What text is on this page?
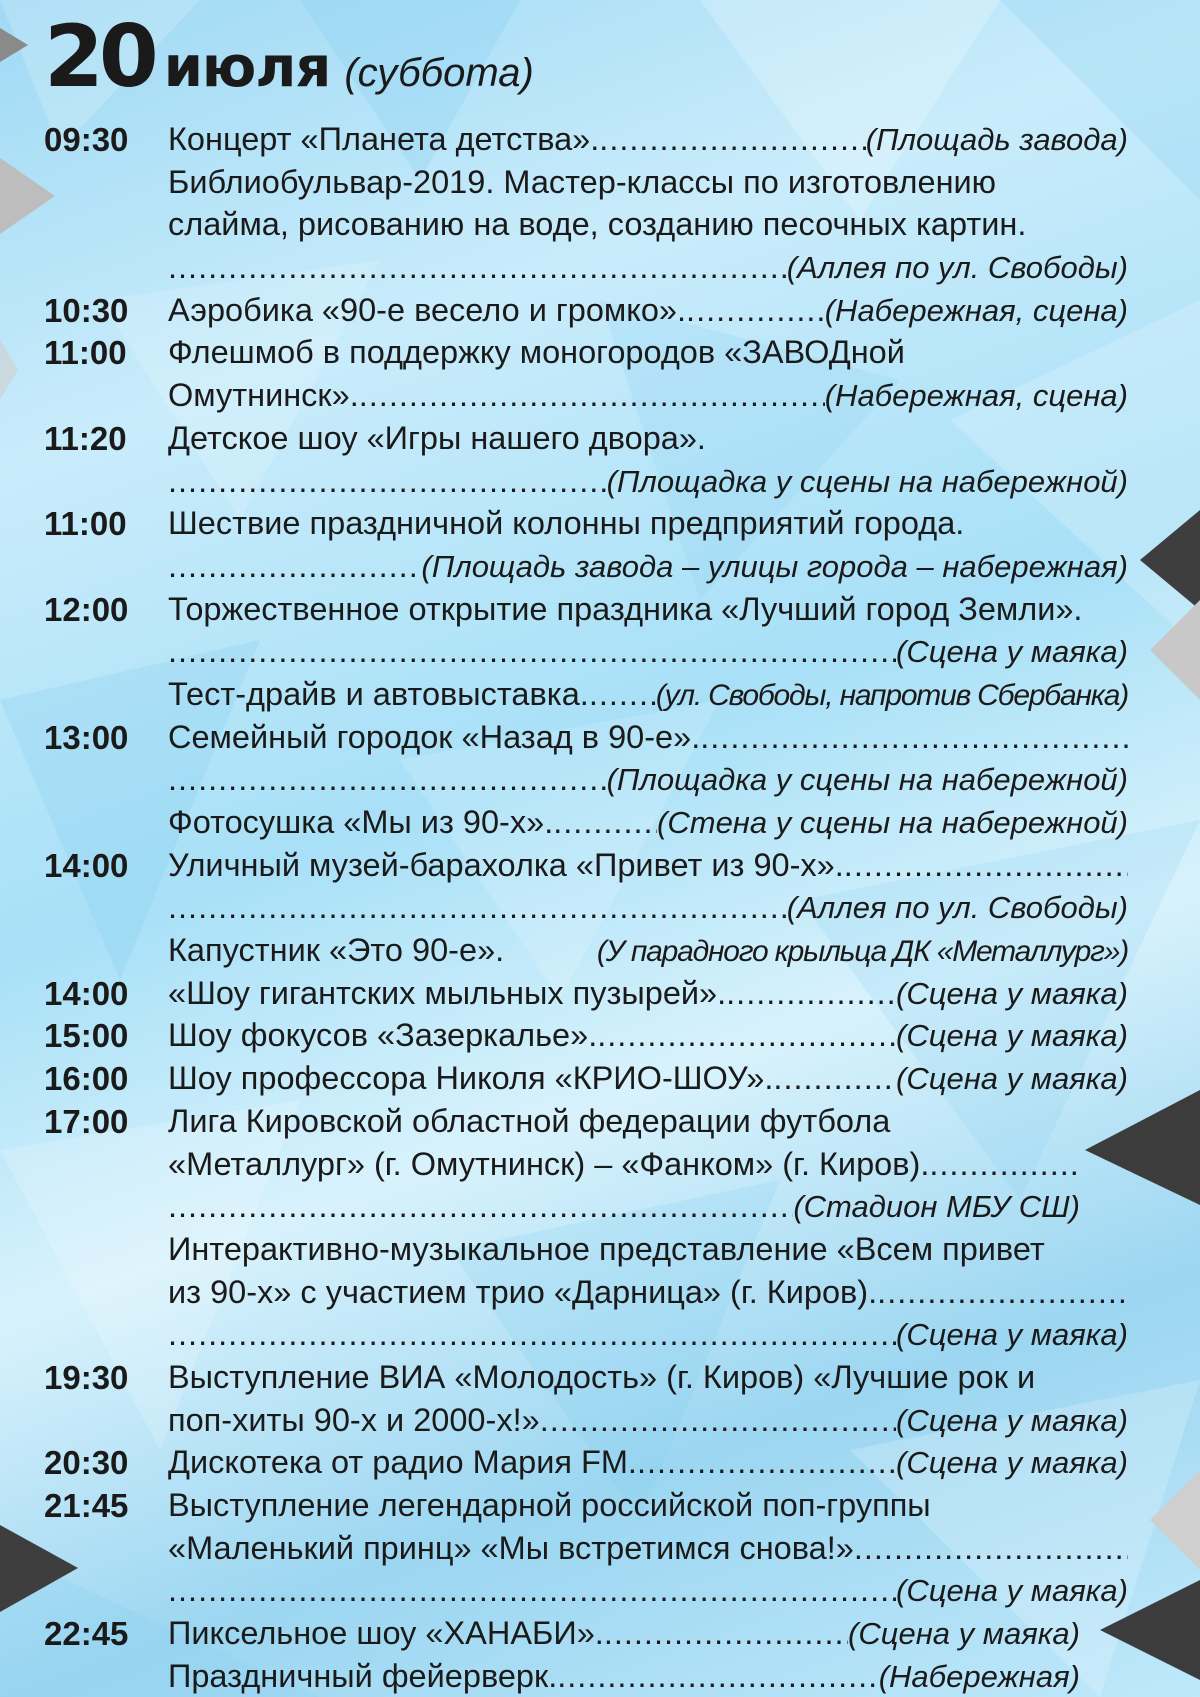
20 июля (суббота)
09:30 Концерт «Планета детства». .....	(Площадь завода)
Библиобульвар-2019. Мастер-классы по изготовлению
слайма, рисованию на воде, созданию песочных картин.
.....
(Аллея по ул. Свободы)
10:30 Аэробика «90-е весело и громко». .....	(Набережная, сцена)
11:00 Флешмоб в поддержку моногородов «ЗАВОДной
Омутнинск». .....	(Набережная, сцена)
11:20 Детское шоу «Игры нашего двора».
.....
(Площадка у сцены на набережной)
11:00 Шествие праздничной колонны предприятий города.
.....
(Площадь завода – улицы города – набережная)
12:00 Торжественное открытие праздника «Лучший город Земли».
.....
(Сцена у маяка)
Тест-драйв и автовыставка. ..... (ул. Свободы, напротив Сбербанка)
13:00 Семейный городок «Назад в 90-е».
.....
.....
(Площадка у сцены на набережной)
Фотосушка «Мы из 90-х». .....	(Стена у сцены на набережной)
14:00 Уличный музей-барахолка «Привет из 90-х».
.....
.....
(Аллея по ул. Свободы)
Капустник «Это 90-е».	(У парадного крыльца ДК «Металлург»)
14:00 «Шоу гигантских мыльных пузырей». .....	(Сцена у маяка)
15:00 Шоу фокусов «Зазеркалье». .....	(Сцена у маяка)
16:00 Шоу профессора Николя «КРИО-ШОУ». .....	(Сцена у маяка)
17:00 Лига Кировской областной федерации футбола
«Металлург» (г. Омутнинск) – «Фанком» (г. Киров).
.....
.....
(Стадион МБУ СШ)
Интерактивно-музыкальное представление «Всем привет
из 90-х» с участием трио «Дарница» (г. Киров).
.....
.....
(Сцена у маяка)
19:30 Выступление ВИА «Молодость» (г. Киров) «Лучшие рок и
поп-хиты 90-х и 2000-х!» .....	(Сцена у маяка)
20:30 Дискотека от радио Мария FM. .....	(Сцена у маяка)
21:45 Выступление легендарной российской поп-группы
«Маленький принц» «Мы встретимся снова!»
.....
.....
(Сцена у маяка)
22:45 Пиксельное шоу «ХАНАБИ». .....	(Сцена у маяка)
Праздничный фейерверк. .....	(Набережная)
